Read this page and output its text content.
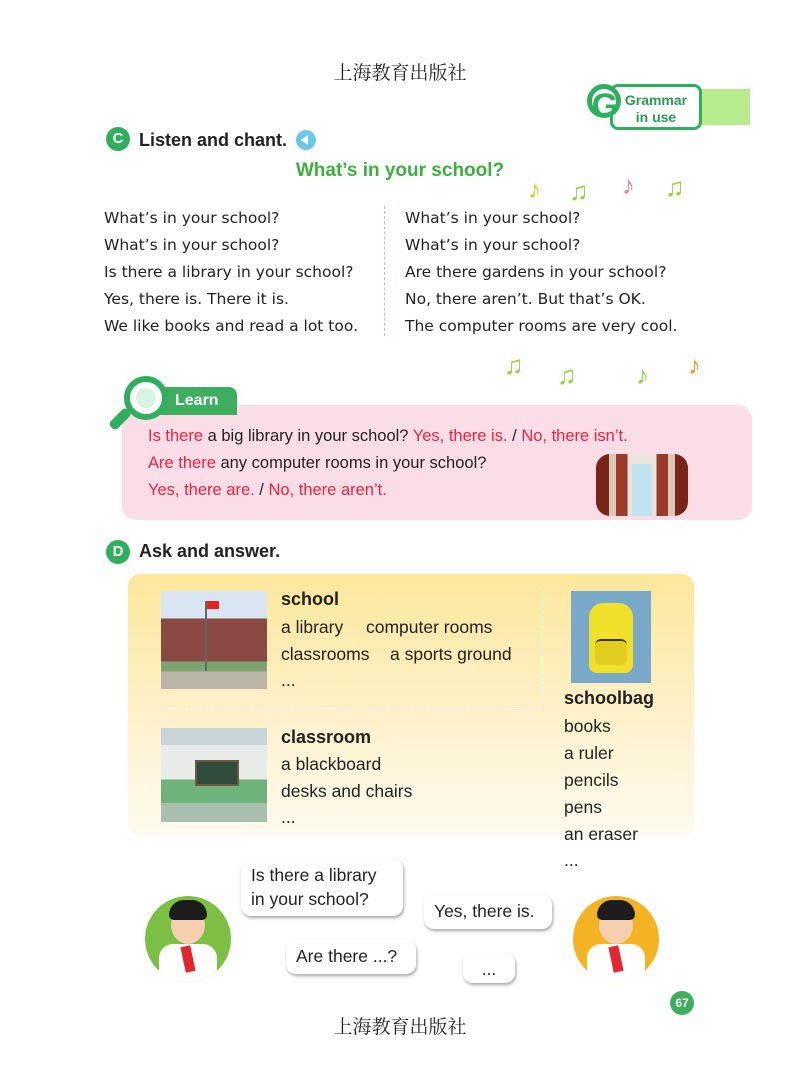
上海教育出版社
Grammar
in use
G
C Listen and chant.
What’s in your school?
♪ ♫ ♪ ♫
What’s in your school?
What’s in your school?
Is there a library in your school?
Yes, there is. There it is.
We like books and read a lot too.
What’s in your school?
What’s in your school?
Are there gardens in your school?
No, there aren’t. But that’s OK.
The computer rooms are very cool.
♫ ♫ ♪ ♪
Learn
Is there a big library in your school? Yes, there is. / No, there isn’t.
Are there any computer rooms in your school?
Yes, there are. / No, there aren’t.
D Ask and answer.
school
a library computer rooms
classrooms a sports ground
...
classroom
a blackboard
desks and chairs
...
schoolbag
books
a ruler
pencils
pens
an eraser
...
Is there a library
in your school?
Yes, there is.
Are there ...?
...
67
上海教育出版社
